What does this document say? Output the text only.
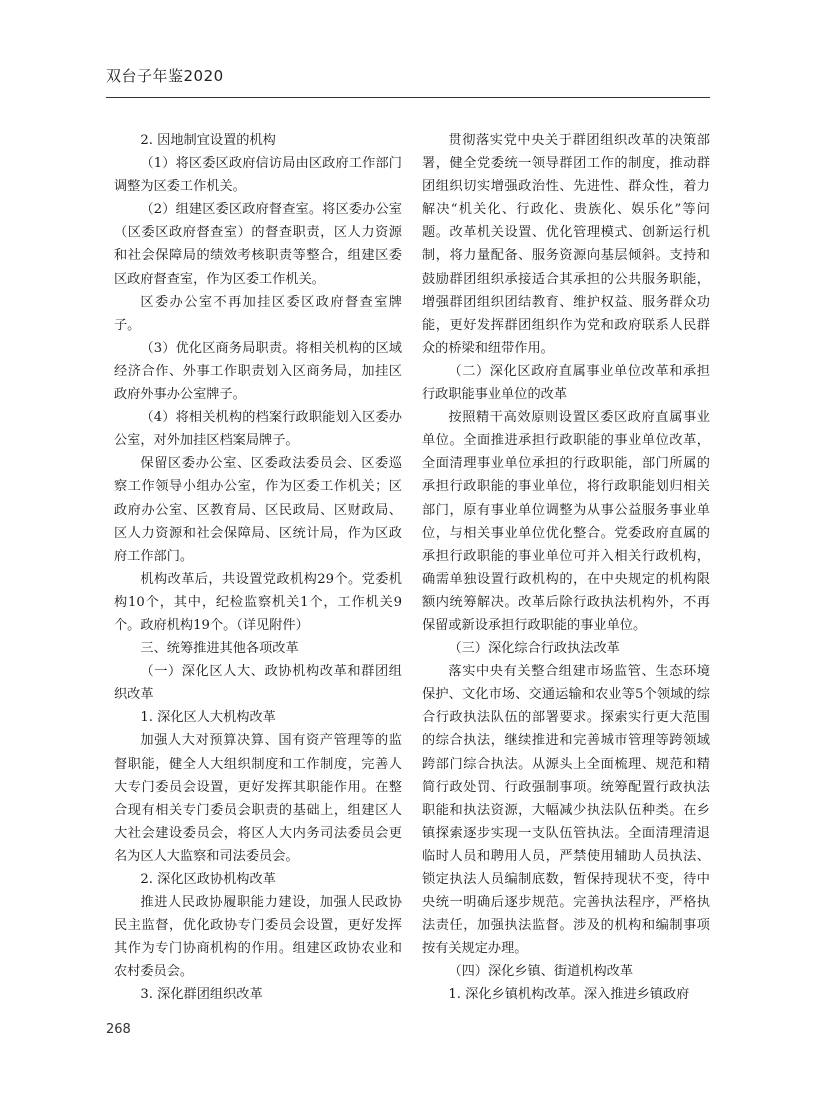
双台子年鉴2020

2. 因地制宜设置的机构

（1）将区委区政府信访局由区政府工作部门调整为区委工作机关。

（2）组建区委区政府督查室。将区委办公室（区委区政府督查室）的督查职责，区人力资源和社会保障局的绩效考核职责等整合，组建区委区政府督查室，作为区委工作机关。

区委办公室不再加挂区委区政府督查室牌子。

（3）优化区商务局职责。将相关机构的区域经济合作、外事工作职责划入区商务局，加挂区政府外事办公室牌子。

（4）将相关机构的档案行政职能划入区委办公室，对外加挂区档案局牌子。

保留区委办公室、区委政法委员会、区委巡察工作领导小组办公室，作为区委工作机关；区政府办公室、区教育局、区民政局、区财政局、区人力资源和社会保障局、区统计局，作为区政府工作部门。

机构改革后，共设置党政机构29个。党委机构10个，其中，纪检监察机关1个，工作机关9个。政府机构19个。（详见附件）

三、统筹推进其他各项改革

（一）深化区人大、政协机构改革和群团组织改革

1. 深化区人大机构改革

加强人大对预算决算、国有资产管理等的监督职能，健全人大组织制度和工作制度，完善人大专门委员会设置，更好发挥其职能作用。在整合现有相关专门委员会职责的基础上，组建区人大社会建设委员会，将区人大内务司法委员会更名为区人大监察和司法委员会。

2. 深化区政协机构改革

推进人民政协履职能力建设，加强人民政协民主监督，优化政协专门委员会设置，更好发挥其作为专门协商机构的作用。组建区政协农业和农村委员会。

3. 深化群团组织改革

贯彻落实党中央关于群团组织改革的决策部署，健全党委统一领导群团工作的制度，推动群团组织切实增强政治性、先进性、群众性，着力解决“机关化、行政化、贵族化、娱乐化”等问题。改革机关设置、优化管理模式、创新运行机制，将力量配备、服务资源向基层倾斜。支持和鼓励群团组织承接适合其承担的公共服务职能，增强群团组织团结教育、维护权益、服务群众功能，更好发挥群团组织作为党和政府联系人民群众的桥梁和纽带作用。

（二）深化区政府直属事业单位改革和承担行政职能事业单位的改革

按照精干高效原则设置区委区政府直属事业单位。全面推进承担行政职能的事业单位改革，全面清理事业单位承担的行政职能，部门所属的承担行政职能的事业单位，将行政职能划归相关部门，原有事业单位调整为从事公益服务事业单位，与相关事业单位优化整合。党委政府直属的承担行政职能的事业单位可并入相关行政机构，确需单独设置行政机构的，在中央规定的机构限额内统筹解决。改革后除行政执法机构外，不再保留或新设承担行政职能的事业单位。

（三）深化综合行政执法改革

落实中央有关整合组建市场监管、生态环境保护、文化市场、交通运输和农业等5个领域的综合行政执法队伍的部署要求。探索实行更大范围的综合执法，继续推进和完善城市管理等跨领域跨部门综合执法。从源头上全面梳理、规范和精简行政处罚、行政强制事项。统筹配置行政执法职能和执法资源，大幅减少执法队伍种类。在乡镇探索逐步实现一支队伍管执法。全面清理清退临时人员和聘用人员，严禁使用辅助人员执法、锁定执法人员编制底数，暂保持现状不变，待中央统一明确后逐步规范。完善执法程序，严格执法责任，加强执法监督。涉及的机构和编制事项按有关规定办理。

（四）深化乡镇、街道机构改革

1. 深化乡镇机构改革。深入推进乡镇政府

268
